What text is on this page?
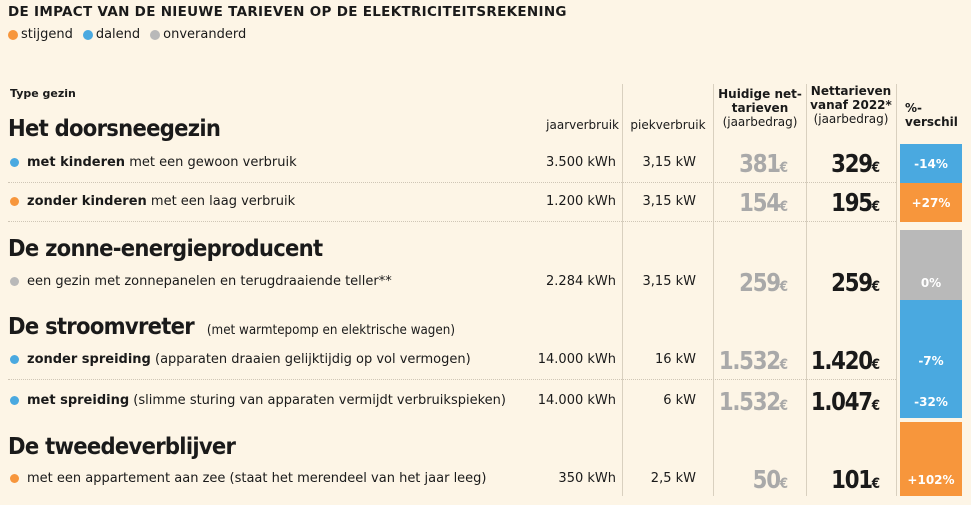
DE IMPACT VAN DE NIEUWE TARIEVEN OP DE ELEKTRICITEITSREKENING
stijgend dalend onveranderd
Type gezin
jaarverbruik piekverbruik
Huidige net-
tarieven
(jaarbedrag)
Nettarieven
vanaf 2022*
(jaarbedrag)
%-
verschil
Het doorsneegezin
De zonne-energieproducent
De stroomvreter (met warmtepomp en elektrische wagen)
De tweedeverblijver
met kinderen met een gewoon verbruik	3.500 kWh	3,15 kW	381€	329€	-14%
zonder kinderen met een laag verbruik	1.200 kWh	3,15 kW	154€	195€	+27%
een gezin met zonnepanelen en terugdraaiende teller**	2.284 kWh	3,15 kW	259€	259€	0%
zonder spreiding (apparaten draaien gelijktijdig op vol vermogen)	14.000 kWh	16 kW 1.532€ 1.420€	-7%
met spreiding (slimme sturing van apparaten vermijdt verbruikspieken)	14.000 kWh	6 kW 1.532€ 1.047€	-32%
met een appartement aan zee (staat het merendeel van het jaar leeg)	350 kWh	2,5 kW	50€	101€	+102%
